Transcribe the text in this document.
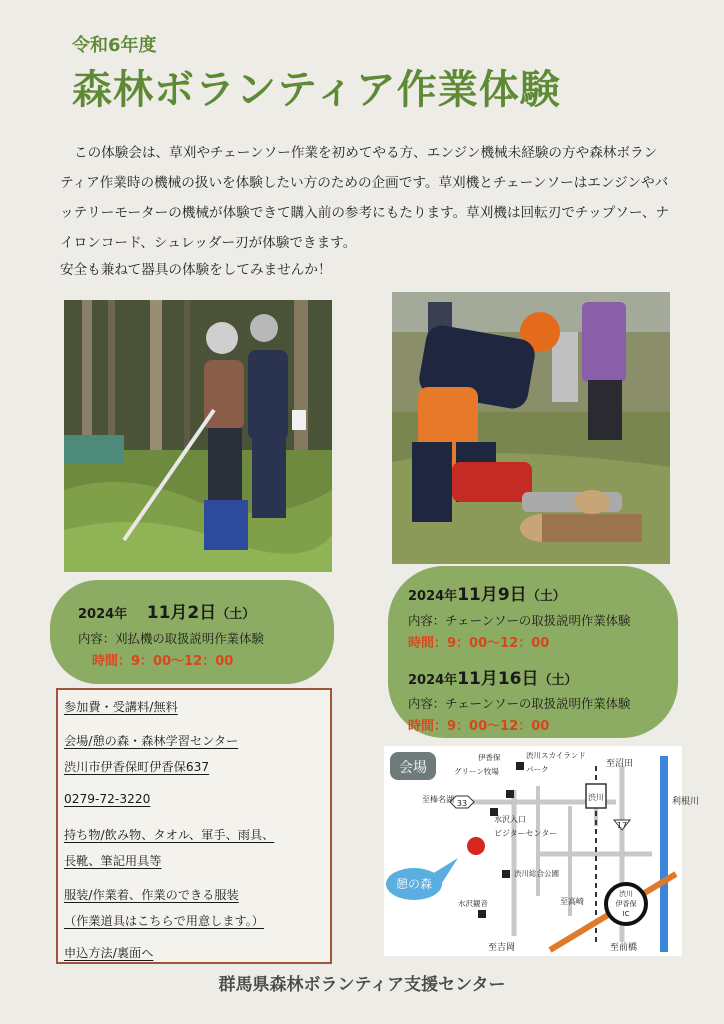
令和6年度
森林ボランティア作業体験
この体験会は、草刈やチェーンソー作業を初めてやる方、エンジン機械未経験の方や森林ボランティア作業時の機械の扱いを体験したい方のための企画です。草刈機とチェーンソーはエンジンやバッテリーモーターの機械が体験できて購入前の参考にもたります。草刈機は回転刃でチップソー、ナイロンコード、シュレッダー刃が体験できます。
安全も兼ねて器具の体験をしてみませんか！
2024年 11月2日（土）
内容：刈払機の取扱説明作業体験
時間：9：00〜12：00
2024年11月9日（土）
内容：チェーンソーの取扱説明作業体験
時間：9：00〜12：00
2024年11月16日（土）
内容：チェーンソーの取扱説明作業体験
時間：9：00〜12：00
参加費・受講料/無料
会場/憩の森・森林学習センター
渋川市伊香保町伊香保637
0279-72-3220
持ち物/飲み物、タオル、軍手、雨具、
長靴、筆記用具等
服装/作業着、作業のできる服装
（作業道具はこちらで用意します。）
申込方法/裏面へ
会場
伊香保
グリーン牧場
渋川スカイランド
パーク
至沼田
33
至榛名湖
水沢入口
ビジターセンター
渋川
17
利根川
憩の森
渋川総合公園
水沢観音	至高崎
渋川
伊香保
IC
至吉岡	至前橋
群馬県森林ボランティア支援センター
